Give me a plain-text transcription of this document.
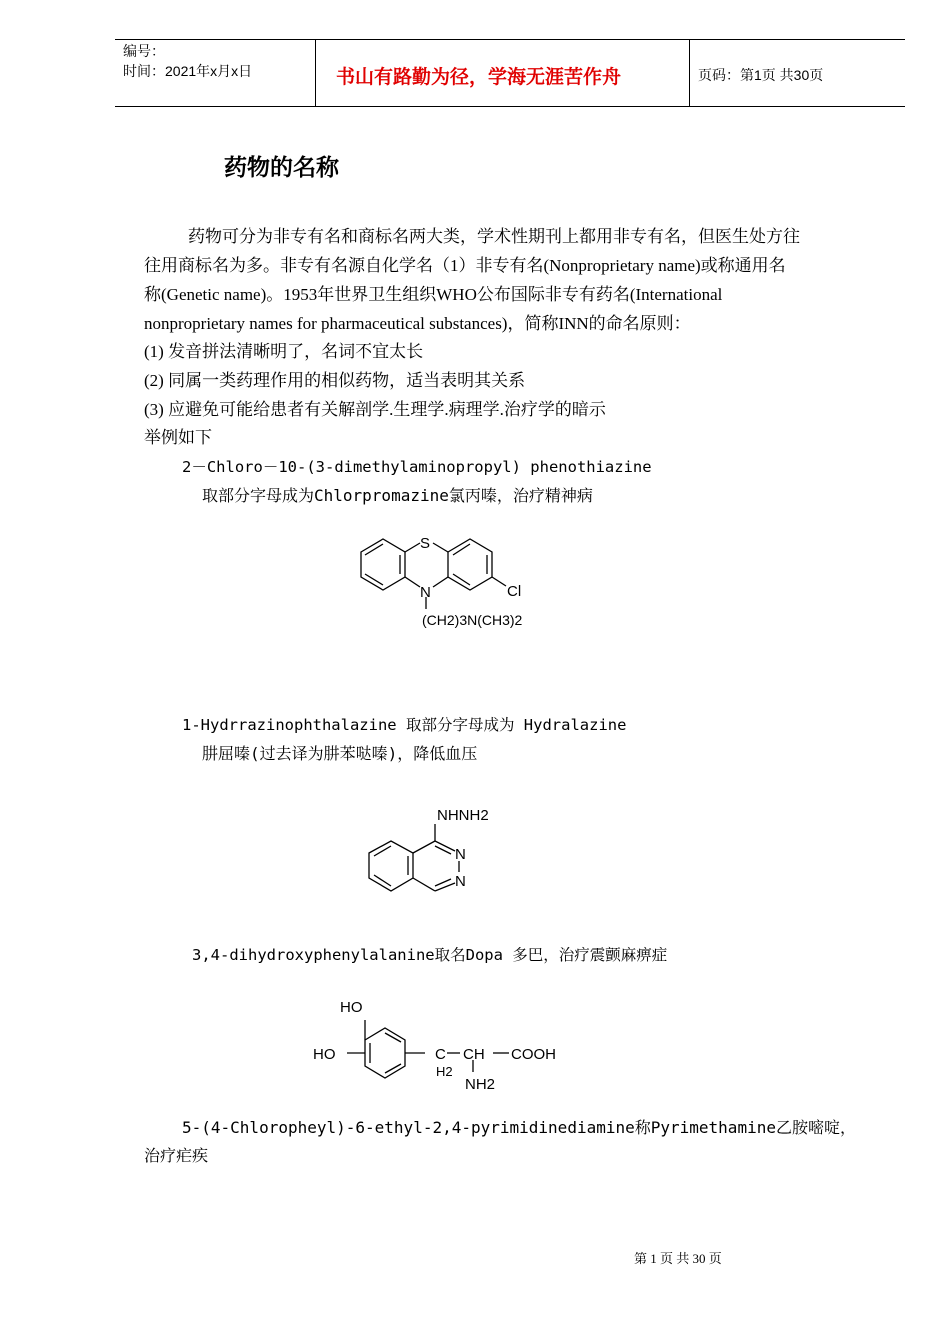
编号：
时间：2021年x月x日	书山有路勤为径，学海无涯苦作舟	页码：第1页 共30页
药物的名称
药物可分为非专有名和商标名两大类，学术性期刊上都用非专有名，但医生处方往
往用商标名为多。非专有名源自化学名（1）非专有名(Nonproprietary name)或称通用名
称(Genetic name)。1953年世界卫生组织WHO公布国际非专有药名(International
nonproprietary names for pharmaceutical substances)，简称INN的命名原则：
(1) 发音拼法清晰明了，名词不宜太长
(2) 同属一类药理作用的相似药物，适当表明其关系
(3) 应避免可能给患者有关解剖学.生理学.病理学.治疗学的暗示
举例如下
2－Chloro－10-(3-dimethylaminopropyl) phenothiazine
取部分字母成为Chlorpromazine氯丙嗪，治疗精神病
S
N	Cl
(CH2)3N(CH3)2
1-Hydrrazinophthalazine 取部分字母成为 Hydralazine
肼屈嗪(过去译为肼苯哒嗪)，降低血压
NHNH2
N
N
3,4-dihydroxyphenylalanine取名Dopa 多巴，治疗震颤麻痹症
HO
HO	C
H2
CH COOH
NH2
5-(4-Chloropheyl)-6-ethyl-2,4-pyrimidinediamine称Pyrimethamine乙胺嘧啶，
治疗疟疾
第 1 页 共 30 页
